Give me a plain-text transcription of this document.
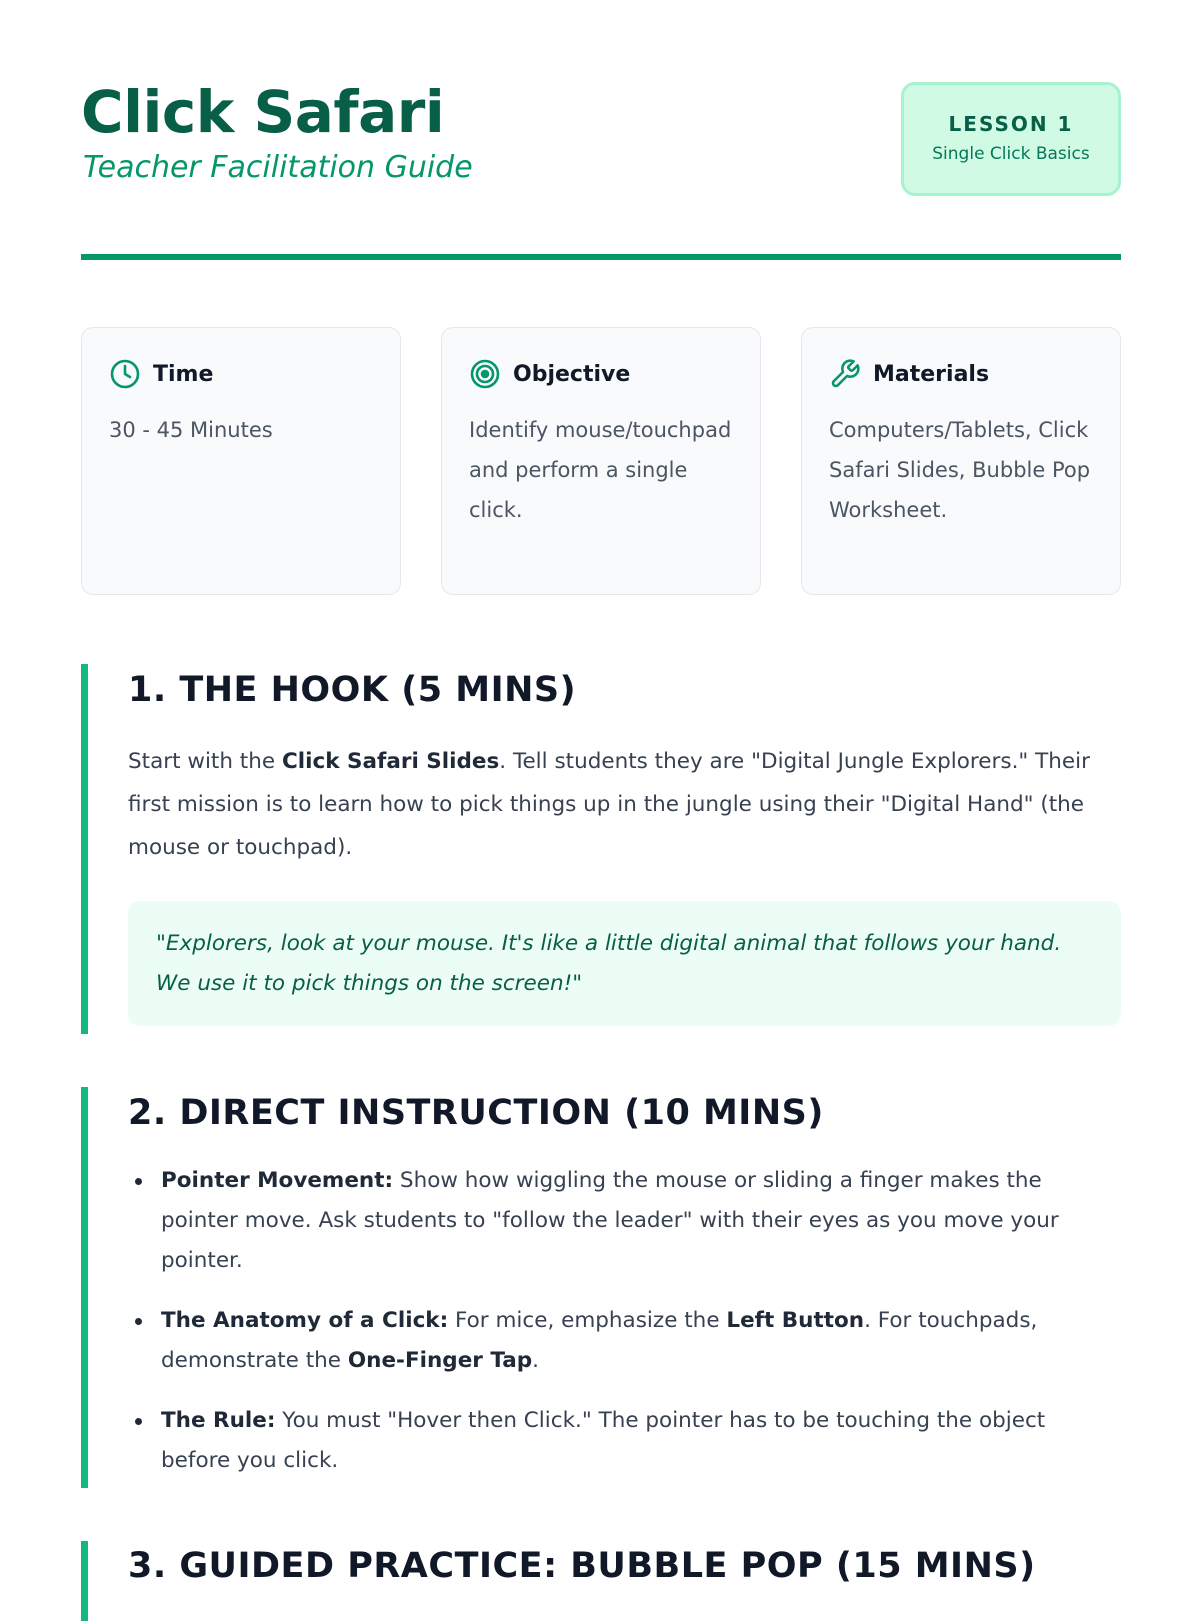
Click Safari

Teacher Facilitation Guide

LESSON 1
Single Click Basics
Time
30 - 45 Minutes
Objective
Identify mouse/touchpad and perform a single click.
Materials
Computers/Tablets, Click Safari Slides, Bubble Pop Worksheet.
1. THE HOOK (5 MINS)

Start with the Click Safari Slides. Tell students they are "Digital Jungle Explorers." Their first mission is to learn how to pick things up in the jungle using their "Digital Hand" (the mouse or touchpad).

"Explorers, look at your mouse. It's like a little digital animal that follows your hand. We use it to pick things on the screen!"
2. DIRECT INSTRUCTION (10 MINS)
Pointer Movement: Show how wiggling the mouse or sliding a finger makes the pointer move. Ask students to "follow the leader" with their eyes as you move your pointer.
The Anatomy of a Click: For mice, emphasize the Left Button. For touchpads, demonstrate the One-Finger Tap.
The Rule: You must "Hover then Click." The pointer has to be touching the object before you click.
3. GUIDED PRACTICE: BUBBLE POP (15 MINS)
